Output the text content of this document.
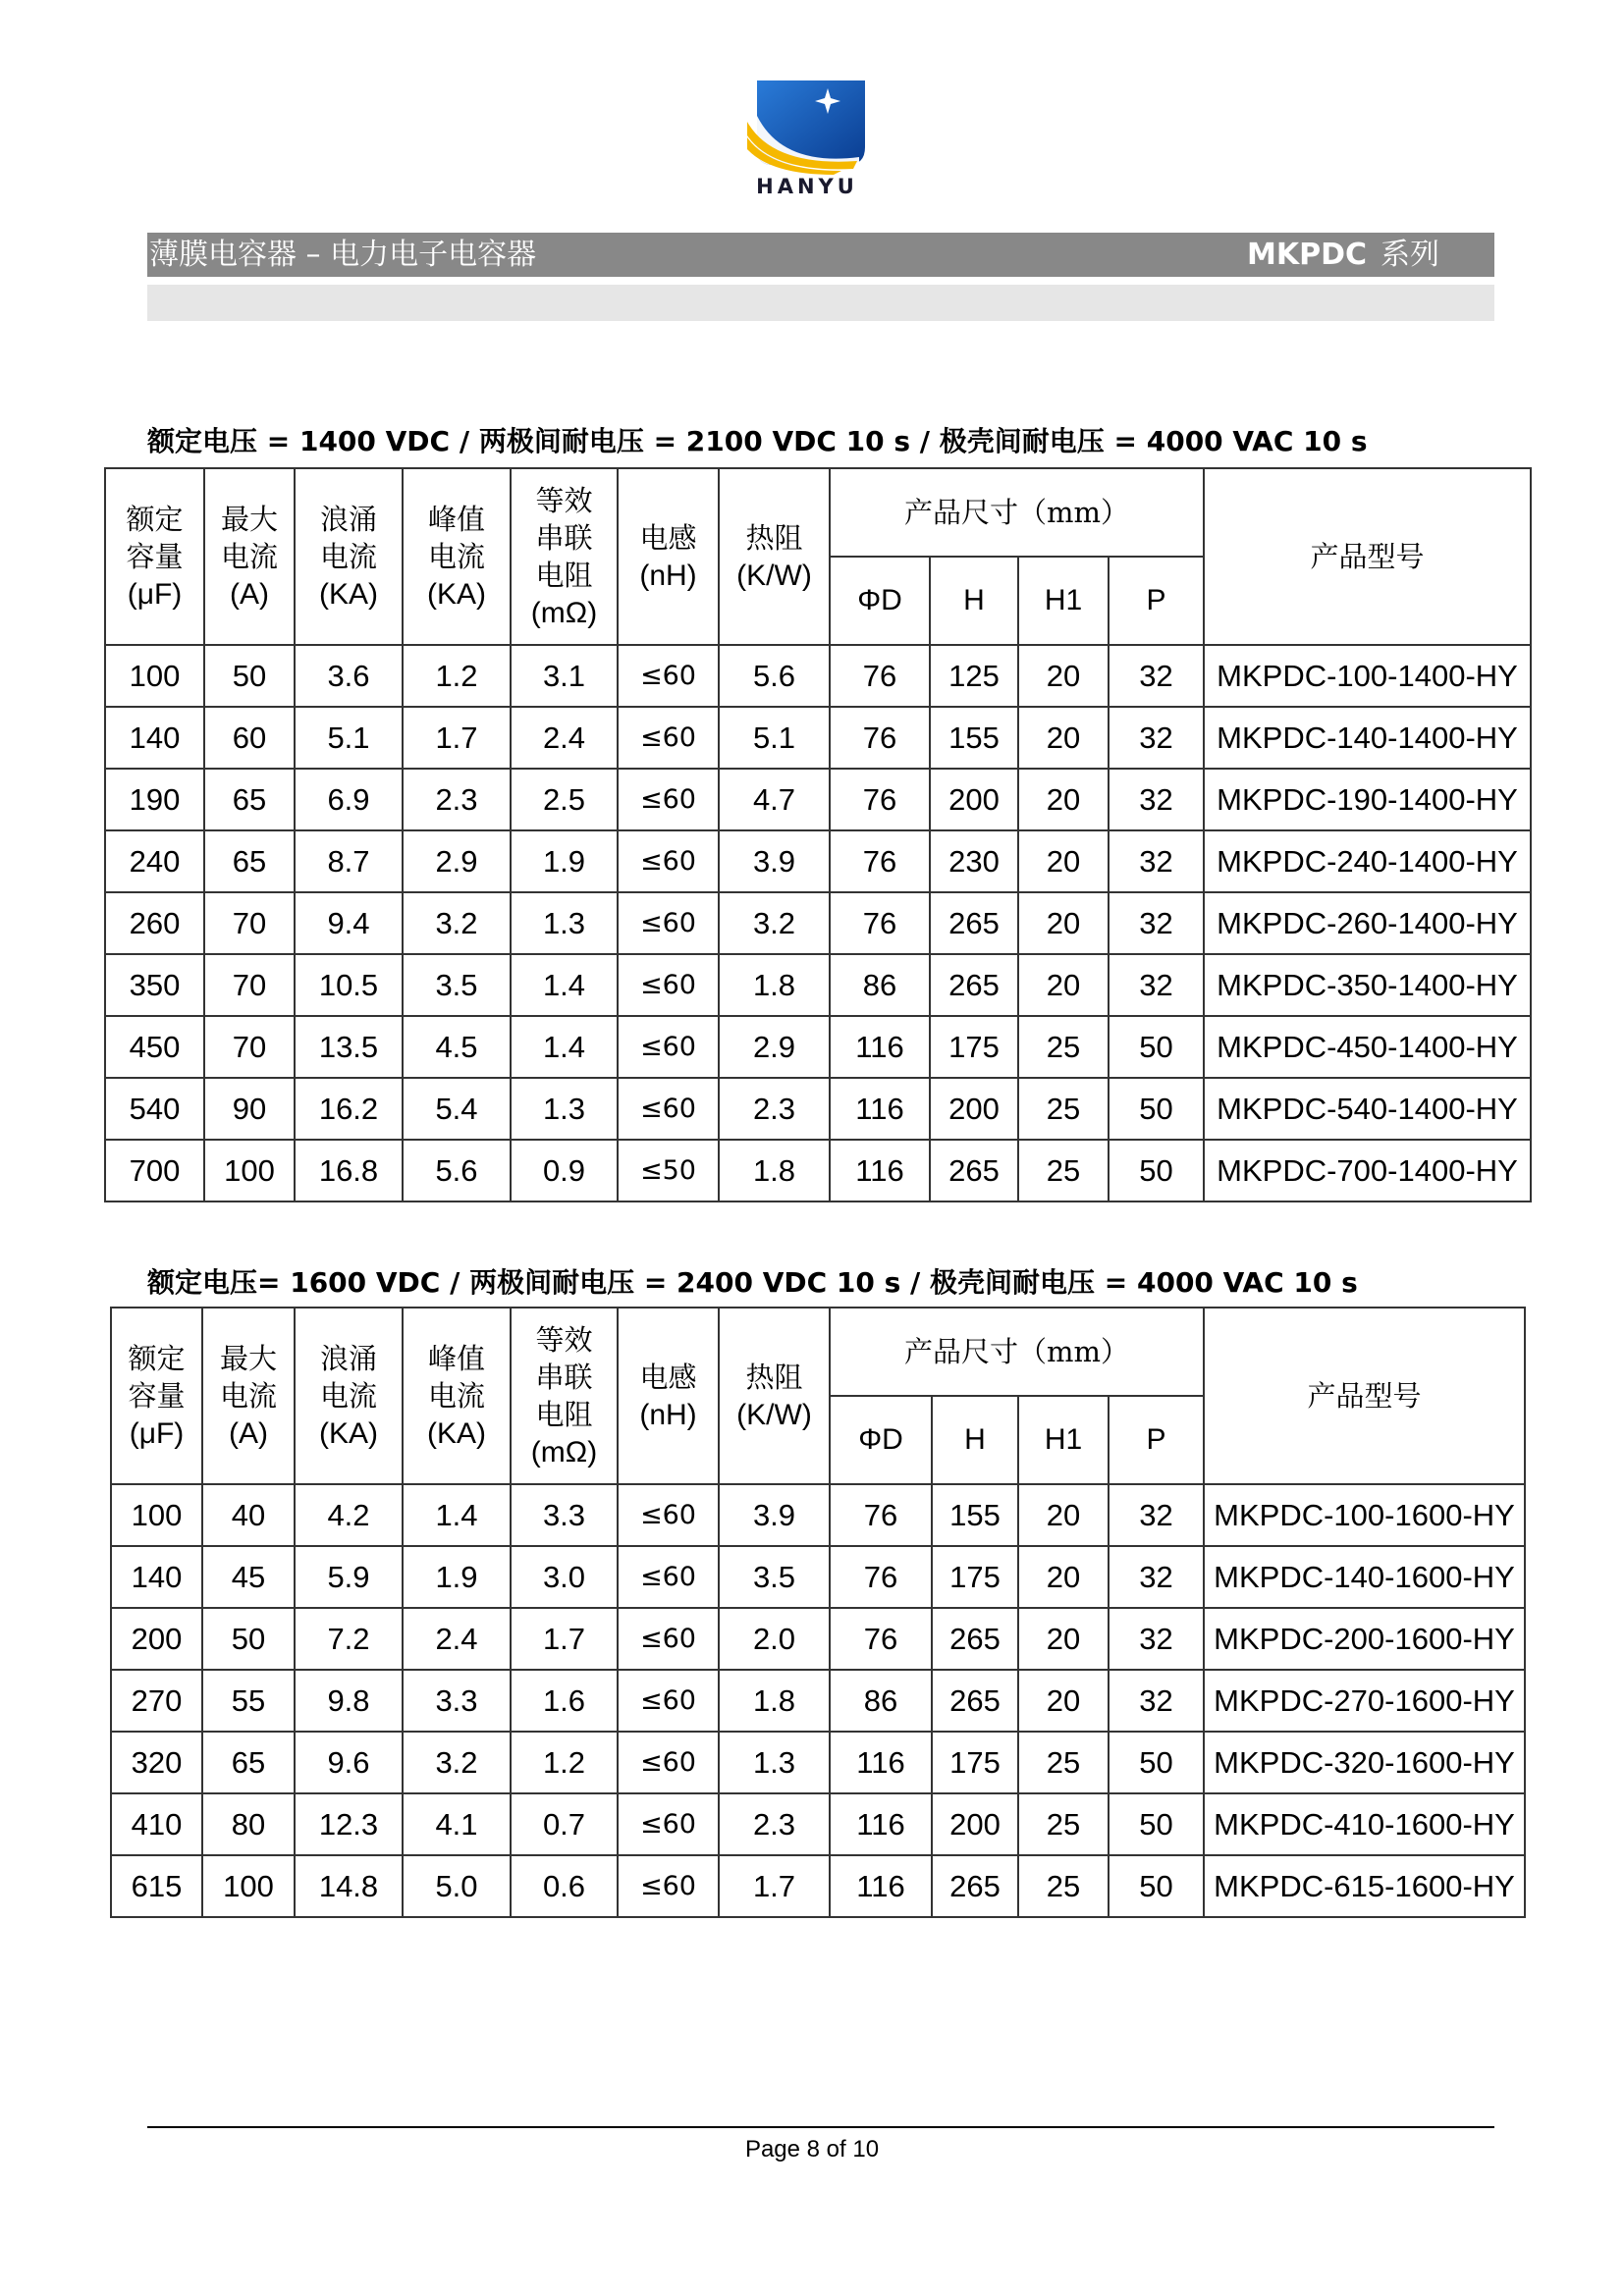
HANYU
薄膜电容器 – 电力电子电容器	MKPDC 系列
额定电压 = 1400 VDC / 两极间耐电压 = 2100 VDC 10 s / 极壳间耐电压 = 4000 VAC 10 s
额定
容量
(μF)	最大
电流
(A)	浪涌
电流
(KA)	峰值
电流
(KA)	等效
串联
电阻
(mΩ)	电感
(nH)	热阻
(K/W)	产品尺寸（mm）				产品型号
							ΦD	H	H1	P	
100	50	3.6	1.2	3.1	≤60	5.6	76	125	20	32	MKPDC-100-1400-HY
140	60	5.1	1.7	2.4	≤60	5.1	76	155	20	32	MKPDC-140-1400-HY
190	65	6.9	2.3	2.5	≤60	4.7	76	200	20	32	MKPDC-190-1400-HY
240	65	8.7	2.9	1.9	≤60	3.9	76	230	20	32	MKPDC-240-1400-HY
260	70	9.4	3.2	1.3	≤60	3.2	76	265	20	32	MKPDC-260-1400-HY
350	70	10.5	3.5	1.4	≤60	1.8	86	265	20	32	MKPDC-350-1400-HY
450	70	13.5	4.5	1.4	≤60	2.9	116	175	25	50	MKPDC-450-1400-HY
540	90	16.2	5.4	1.3	≤60	2.3	116	200	25	50	MKPDC-540-1400-HY
700	100	16.8	5.6	0.9	≤50	1.8	116	265	25	50	MKPDC-700-1400-HY
额定电压= 1600 VDC / 两极间耐电压 = 2400 VDC 10 s / 极壳间耐电压 = 4000 VAC 10 s
额定
容量
(μF)	最大
电流
(A)	浪涌
电流
(KA)	峰值
电流
(KA)	等效
串联
电阻
(mΩ)	电感
(nH)	热阻
(K/W)	产品尺寸（mm）				产品型号
							ΦD	H	H1	P	
100	40	4.2	1.4	3.3	≤60	3.9	76	155	20	32	MKPDC-100-1600-HY
140	45	5.9	1.9	3.0	≤60	3.5	76	175	20	32	MKPDC-140-1600-HY
200	50	7.2	2.4	1.7	≤60	2.0	76	265	20	32	MKPDC-200-1600-HY
270	55	9.8	3.3	1.6	≤60	1.8	86	265	20	32	MKPDC-270-1600-HY
320	65	9.6	3.2	1.2	≤60	1.3	116	175	25	50	MKPDC-320-1600-HY
410	80	12.3	4.1	0.7	≤60	2.3	116	200	25	50	MKPDC-410-1600-HY
615	100	14.8	5.0	0.6	≤60	1.7	116	265	25	50	MKPDC-615-1600-HY
Page 8 of 10
